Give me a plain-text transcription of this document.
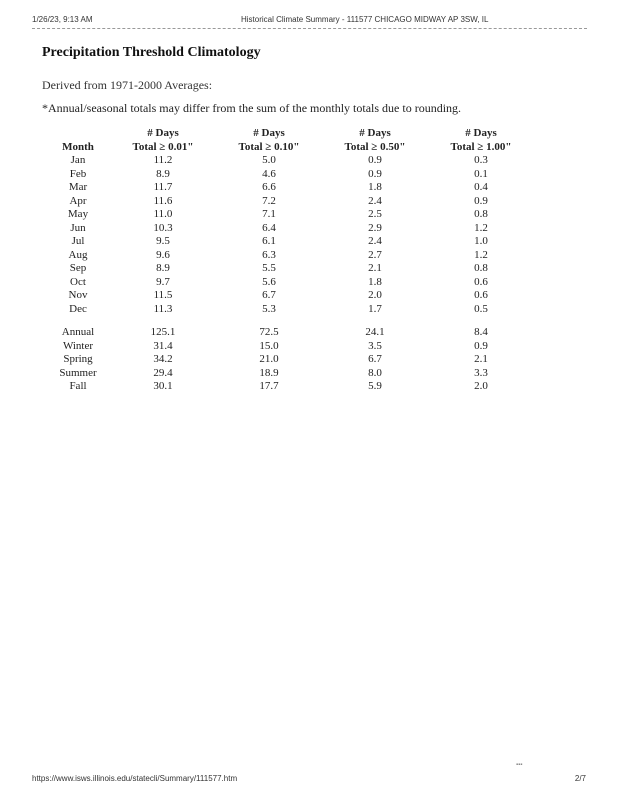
1/26/23, 9:13 AM	Historical Climate Summary - 111577 CHICAGO MIDWAY AP 3SW, IL
Precipitation Threshold Climatology
Derived from 1971-2000 Averages:
*Annual/seasonal totals may differ from the sum of the monthly totals due to rounding.
	# Days	# Days	# Days	# Days
Month	Total ≥ 0.01"	Total ≥ 0.10"	Total ≥ 0.50"	Total ≥ 1.00"
Jan	11.2	5.0	0.9	0.3
Feb	8.9	4.6	0.9	0.1
Mar	11.7	6.6	1.8	0.4
Apr	11.6	7.2	2.4	0.9
May	11.0	7.1	2.5	0.8
Jun	10.3	6.4	2.9	1.2
Jul	9.5	6.1	2.4	1.0
Aug	9.6	6.3	2.7	1.2
Sep	8.9	5.5	2.1	0.8
Oct	9.7	5.6	1.8	0.6
Nov	11.5	6.7	2.0	0.6
Dec	11.3	5.3	1.7	0.5

Annual	125.1	72.5	24.1	8.4
Winter	31.4	15.0	3.5	0.9
Spring	34.2	21.0	6.7	2.1
Summer	29.4	18.9	8.0	3.3
Fall	30.1	17.7	5.9	2.0
▪▪▪
https://www.isws.illinois.edu/statecli/Summary/111577.htm	2/7
